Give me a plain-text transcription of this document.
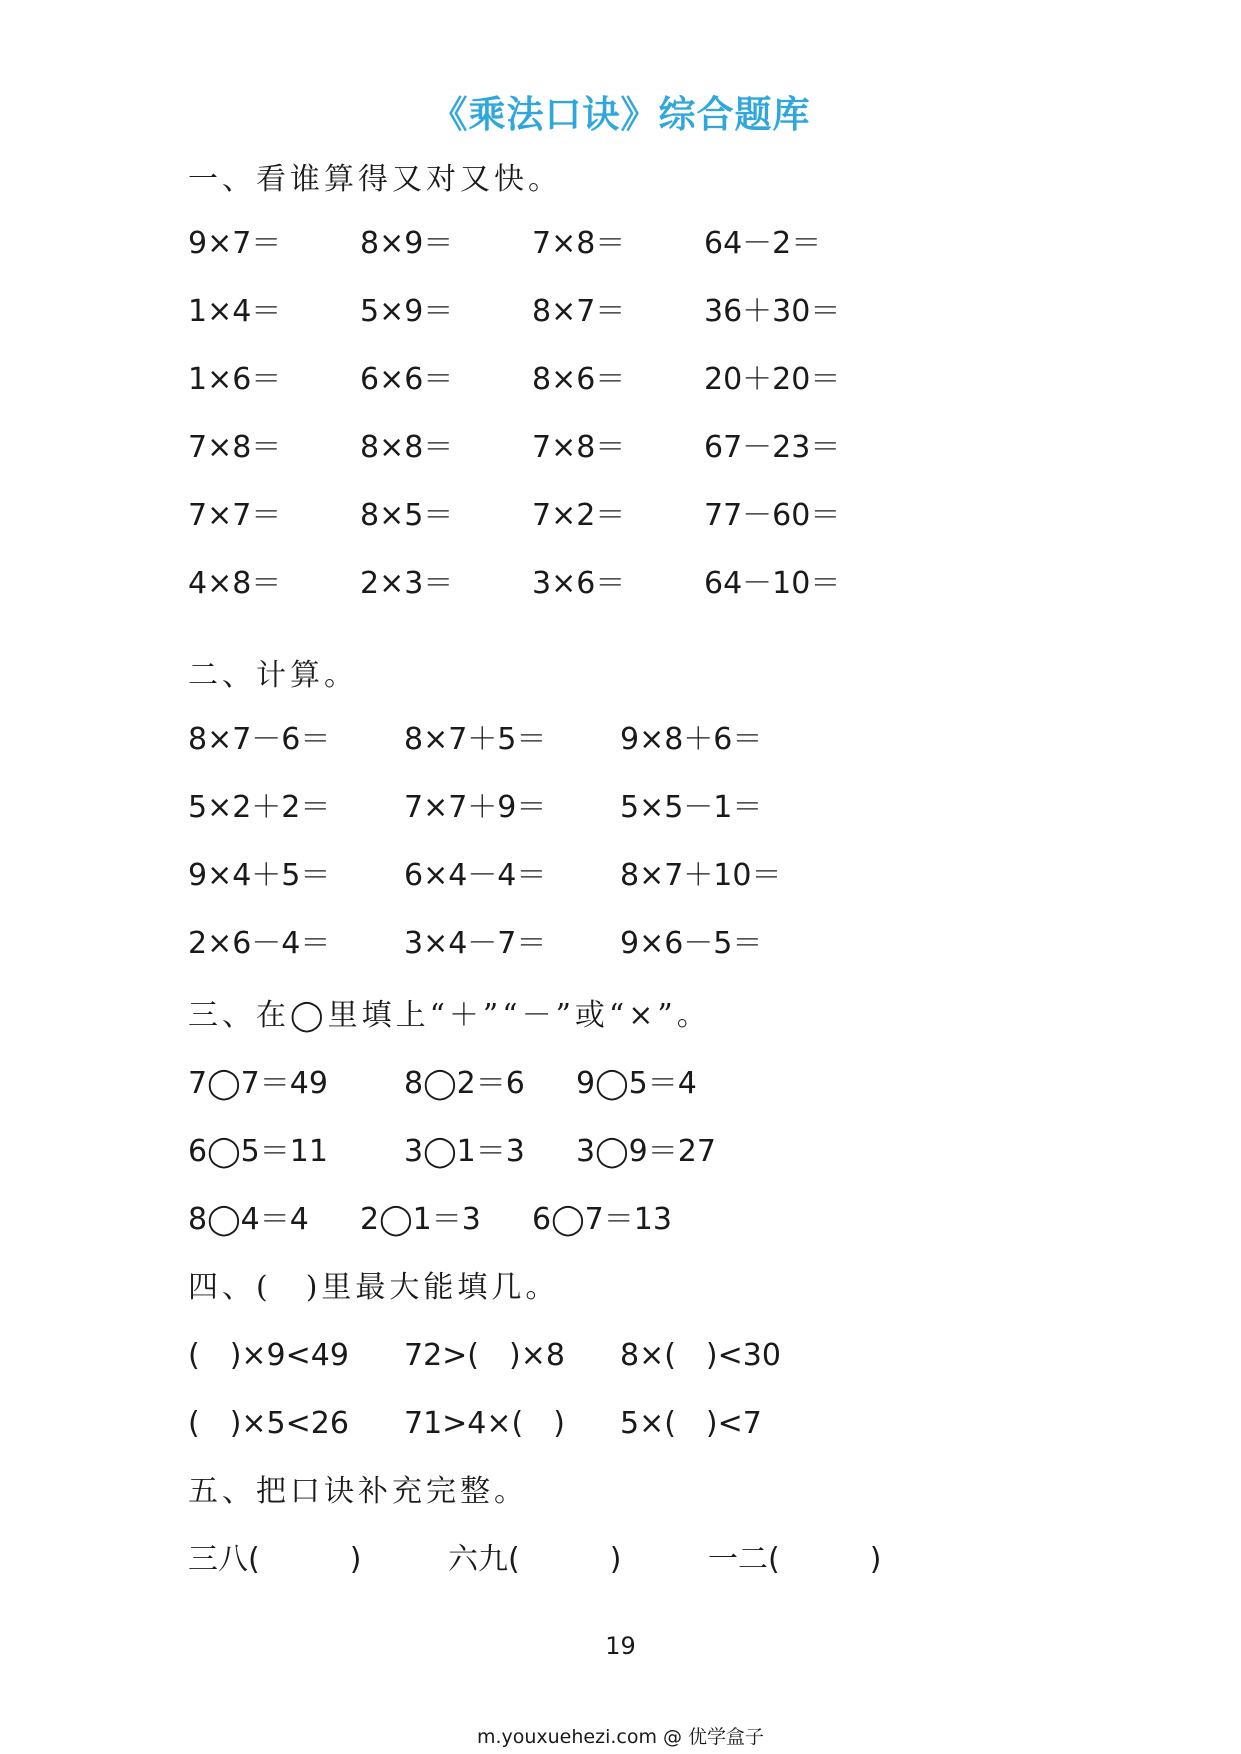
《乘法口诀》综合题库
一、看谁算得又对又快。
9×7＝	8×9＝	7×8＝	64－2＝
1×4＝	5×9＝	8×7＝	36＋30＝
1×6＝	6×6＝	8×6＝	20＋20＝
7×8＝	8×8＝	7×8＝	67－23＝
7×7＝	8×5＝	7×2＝	77－60＝
4×8＝	2×3＝	3×6＝	64－10＝
二、计算。
8×7－6＝ 8×7＋5＝ 9×8＋6＝
5×2＋2＝ 7×7＋9＝ 5×5－1＝
9×4＋5＝ 6×4－4＝ 8×7＋10＝
2×6－4＝ 3×4－7＝ 9×6－5＝
三、在◯里填上“＋”“－”或“×”。
7◯7＝49	8◯2＝6 9◯5＝4
6◯5＝11	3◯1＝3 3◯9＝27
8◯4＝4 2◯1＝3 6◯7＝13
四、(　)里最大能填几。
(　)×9<49 72>(　)×8 8×(　)<30
(　)×5<26 71>4×(　) 5×(　)<7
五、把口诀补充完整。
三八(　　　)	六九(　　　)	一二(　　　)
19
m.youxuehezi.com @ 优学盒子
